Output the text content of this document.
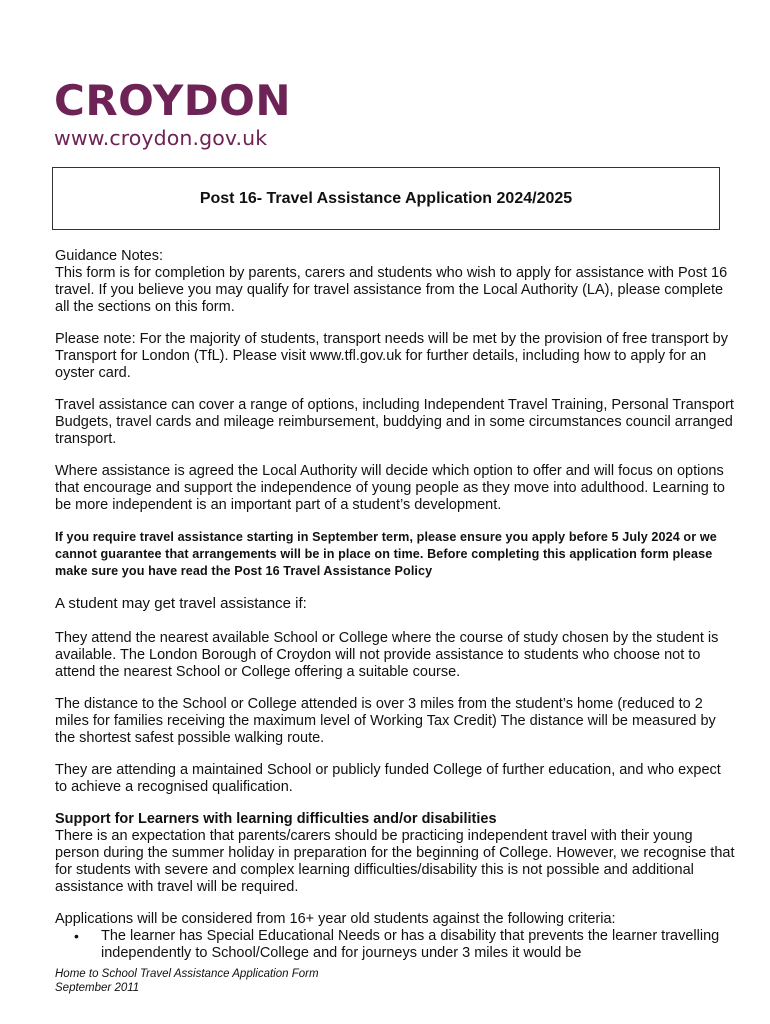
CROYDON
www.croydon.gov.uk
Post 16- Travel Assistance Application 2024/2025

Guidance Notes:

This form is for completion by parents, carers and students who wish to apply for assistance with Post 16 travel. If you believe you may qualify for travel assistance from the Local Authority (LA), please complete all the sections on this form.

Please note: For the majority of students, transport needs will be met by the provision of free transport by Transport for London (TfL). Please visit www.tfl.gov.uk for further details, including how to apply for an oyster card.

Travel assistance can cover a range of options, including Independent Travel Training, Personal Transport Budgets, travel cards and mileage reimbursement, buddying and in some circumstances council arranged transport.

Where assistance is agreed the Local Authority will decide which option to offer and will focus on options that encourage and support the independence of young people as they move into adulthood. Learning to be more independent is an important part of a student’s development.

If you require travel assistance starting in September term, please ensure you apply before 5 July 2024 or we cannot guarantee that arrangements will be in place on time. Before completing this application form please make sure you have read the Post 16 Travel Assistance Policy

A student may get travel assistance if:

They attend the nearest available School or College where the course of study chosen by the student is available. The London Borough of Croydon will not provide assistance to students who choose not to attend the nearest School or College offering a suitable course.

The distance to the School or College attended is over 3 miles from the student’s home (reduced to 2 miles for families receiving the maximum level of Working Tax Credit) The distance will be measured by the shortest safest possible walking route.

They are attending a maintained School or publicly funded College of further education, and who expect to achieve a recognised qualification.

Support for Learners with learning difficulties and/or disabilities

There is an expectation that parents/carers should be practicing independent travel with their young person during the summer holiday in preparation for the beginning of College. However, we recognise that for students with severe and complex learning difficulties/disability this is not possible and additional assistance with travel will be required.

Applications will be considered from 16+ year old students against the following criteria:

• The learner has Special Educational Needs or has a disability that prevents the learner travelling independently to School/College and for journeys under 3 miles it would be
Home to School Travel Assistance Application Form
September 2011
